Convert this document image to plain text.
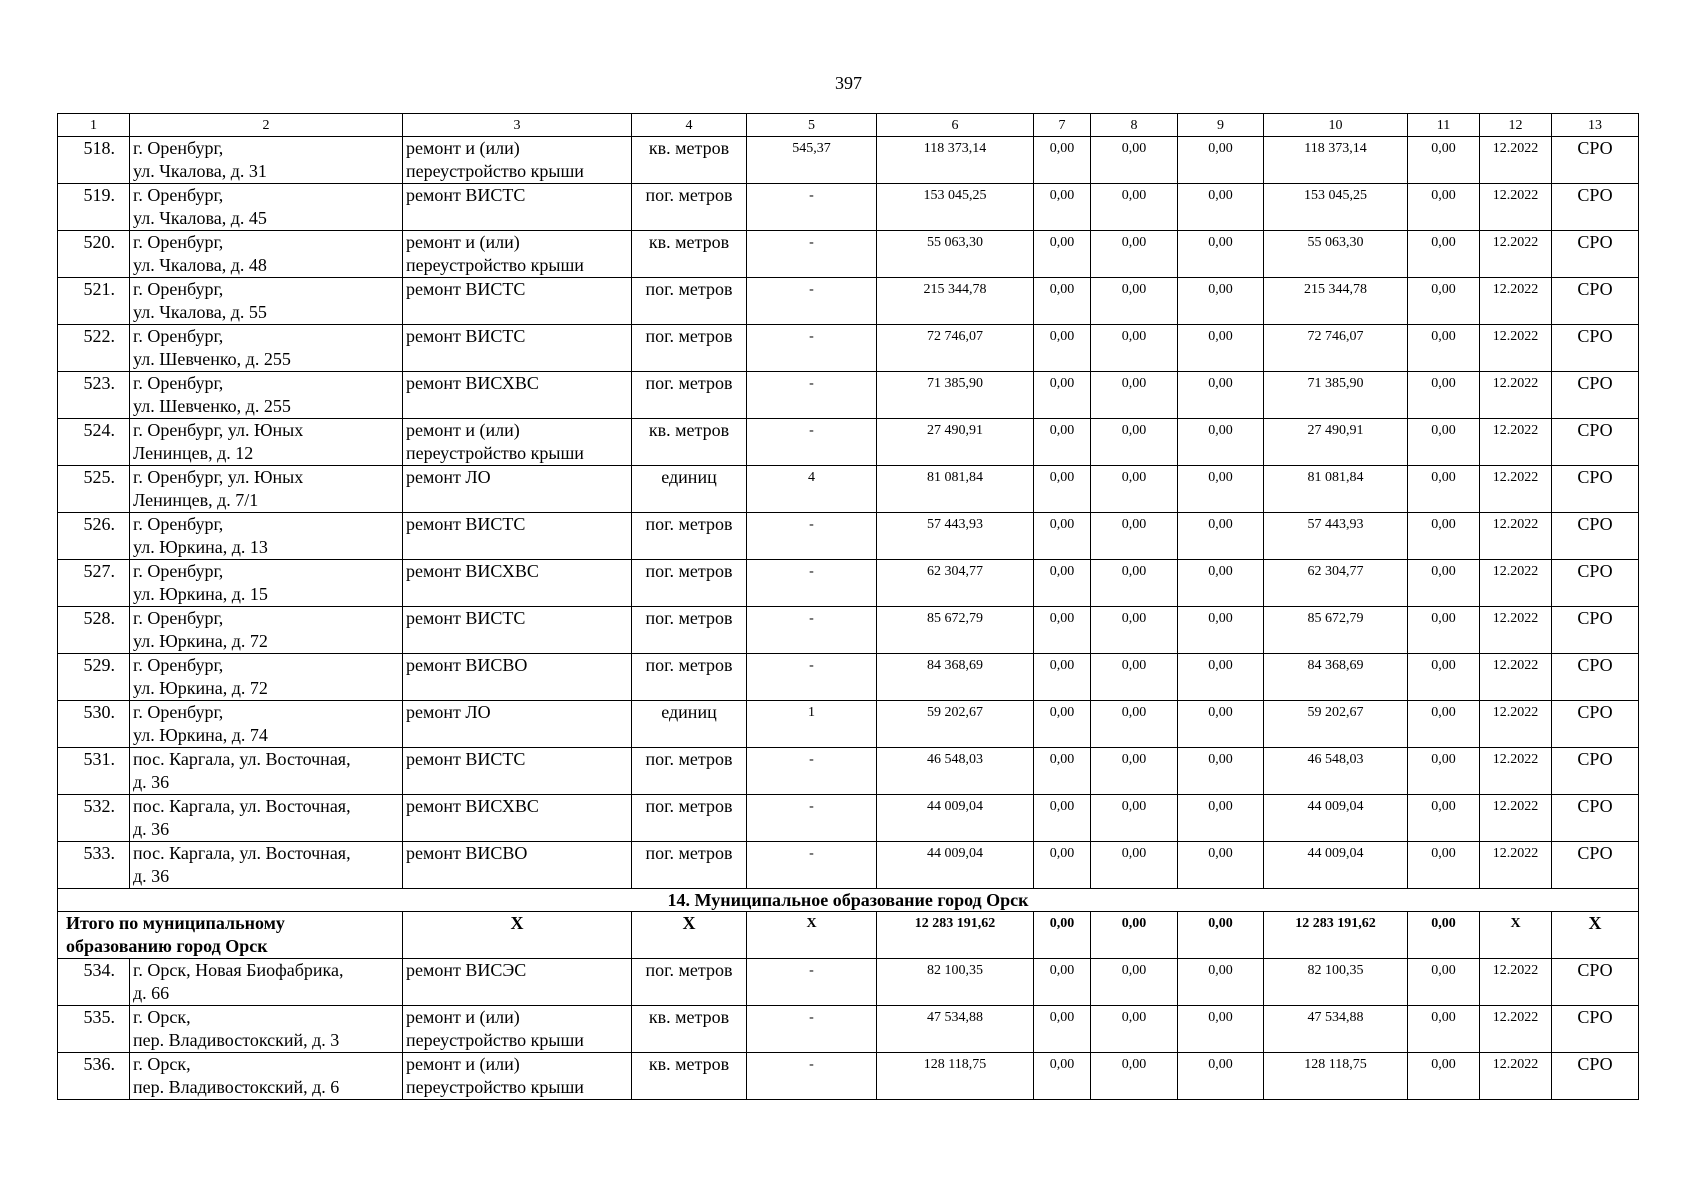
397
1	2	3	4	5	6	7	8	9	10	11	12	13
518.	г. Оренбург,
ул. Чкалова, д. 31	ремонт и (или)
переустройство крыши	кв. метров	545,37	118 373,14	0,00	0,00	0,00	118 373,14	0,00	12.2022	СРО
519.	г. Оренбург,
ул. Чкалова, д. 45	ремонт ВИСТС	пог. метров	-	153 045,25	0,00	0,00	0,00	153 045,25	0,00	12.2022	СРО
520.	г. Оренбург,
ул. Чкалова, д. 48	ремонт и (или)
переустройство крыши	кв. метров	-	55 063,30	0,00	0,00	0,00	55 063,30	0,00	12.2022	СРО
521.	г. Оренбург,
ул. Чкалова, д. 55	ремонт ВИСТС	пог. метров	-	215 344,78	0,00	0,00	0,00	215 344,78	0,00	12.2022	СРО
522.	г. Оренбург,
ул. Шевченко, д. 255	ремонт ВИСТС	пог. метров	-	72 746,07	0,00	0,00	0,00	72 746,07	0,00	12.2022	СРО
523.	г. Оренбург,
ул. Шевченко, д. 255	ремонт ВИСХВС	пог. метров	-	71 385,90	0,00	0,00	0,00	71 385,90	0,00	12.2022	СРО
524.	г. Оренбург, ул. Юных
Ленинцев, д. 12	ремонт и (или)
переустройство крыши	кв. метров	-	27 490,91	0,00	0,00	0,00	27 490,91	0,00	12.2022	СРО
525.	г. Оренбург, ул. Юных
Ленинцев, д. 7/1	ремонт ЛО	единиц	4	81 081,84	0,00	0,00	0,00	81 081,84	0,00	12.2022	СРО
526.	г. Оренбург,
ул. Юркина, д. 13	ремонт ВИСТС	пог. метров	-	57 443,93	0,00	0,00	0,00	57 443,93	0,00	12.2022	СРО
527.	г. Оренбург,
ул. Юркина, д. 15	ремонт ВИСХВС	пог. метров	-	62 304,77	0,00	0,00	0,00	62 304,77	0,00	12.2022	СРО
528.	г. Оренбург,
ул. Юркина, д. 72	ремонт ВИСТС	пог. метров	-	85 672,79	0,00	0,00	0,00	85 672,79	0,00	12.2022	СРО
529.	г. Оренбург,
ул. Юркина, д. 72	ремонт ВИСВО	пог. метров	-	84 368,69	0,00	0,00	0,00	84 368,69	0,00	12.2022	СРО
530.	г. Оренбург,
ул. Юркина, д. 74	ремонт ЛО	единиц	1	59 202,67	0,00	0,00	0,00	59 202,67	0,00	12.2022	СРО
531.	пос. Каргала, ул. Восточная,
д. 36	ремонт ВИСТС	пог. метров	-	46 548,03	0,00	0,00	0,00	46 548,03	0,00	12.2022	СРО
532.	пос. Каргала, ул. Восточная,
д. 36	ремонт ВИСХВС	пог. метров	-	44 009,04	0,00	0,00	0,00	44 009,04	0,00	12.2022	СРО
533.	пос. Каргала, ул. Восточная,
д. 36	ремонт ВИСВО	пог. метров	-	44 009,04	0,00	0,00	0,00	44 009,04	0,00	12.2022	СРО
14. Муниципальное образование город Орск												

Итого по муниципальному
образованию город Орск		X	X	X	12 283 191,62	0,00	0,00	0,00	12 283 191,62	0,00	X	X
534.	г. Орск, Новая Биофабрика,
д. 66	ремонт ВИСЭС	пог. метров	-	82 100,35	0,00	0,00	0,00	82 100,35	0,00	12.2022	СРО
535.	г. Орск,
пер. Владивостокский, д. 3	ремонт и (или)
переустройство крыши	кв. метров	-	47 534,88	0,00	0,00	0,00	47 534,88	0,00	12.2022	СРО
536.	г. Орск,
пер. Владивостокский, д. 6	ремонт и (или)
переустройство крыши	кв. метров	-	128 118,75	0,00	0,00	0,00	128 118,75	0,00	12.2022	СРО
